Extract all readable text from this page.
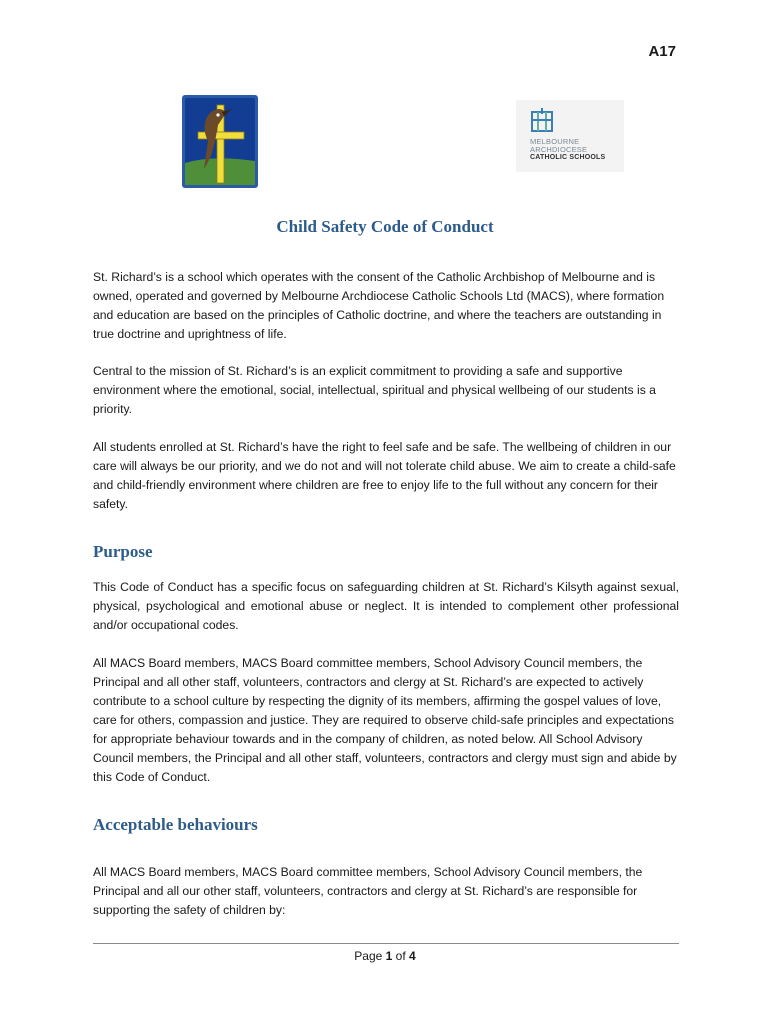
A17
MELBOURNE
ARCHDIOCESE
CATHOLIC SCHOOLS
Child Safety Code of Conduct

St. Richard’s is a school which operates with the consent of the Catholic Archbishop of Melbourne and is owned, operated and governed by Melbourne Archdiocese Catholic Schools Ltd (MACS), where formation and education are based on the principles of Catholic doctrine, and where the teachers are outstanding in true doctrine and uprightness of life.

Central to the mission of St. Richard’s is an explicit commitment to providing a safe and supportive environment where the emotional, social, intellectual, spiritual and physical wellbeing of our students is a priority.

All students enrolled at St. Richard’s have the right to feel safe and be safe. The wellbeing of children in our care will always be our priority, and we do not and will not tolerate child abuse. We aim to create a child-safe and child-friendly environment where children are free to enjoy life to the full without any concern for their safety.

Purpose

This Code of Conduct has a specific focus on safeguarding children at St. Richard’s Kilsyth against sexual, physical, psychological and emotional abuse or neglect. It is intended to complement other professional and/or occupational codes.

All MACS Board members, MACS Board committee members, School Advisory Council members, the Principal and all other staff, volunteers, contractors and clergy at St. Richard’s are expected to actively contribute to a school culture by respecting the dignity of its members, affirming the gospel values of love, care for others, compassion and justice. They are required to observe child-safe principles and expectations for appropriate behaviour towards and in the company of children, as noted below. All School Advisory Council members, the Principal and all other staff, volunteers, contractors and clergy must sign and abide by this Code of Conduct.

Acceptable behaviours

All MACS Board members, MACS Board committee members, School Advisory Council members, the Principal and all our other staff, volunteers, contractors and clergy at St. Richard’s are responsible for supporting the safety of children by:

Page 1 of 4
